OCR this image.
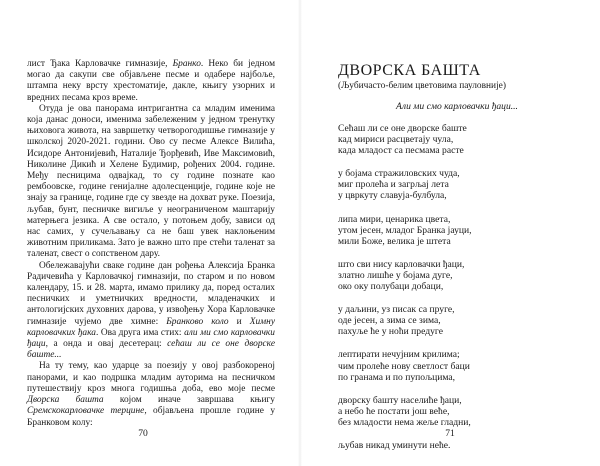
лист Ђака Карловачке гимназије, Бранко. Неко би једном могао да сакупи све објављене песме и одабере најбоље, штампа неку врсту хрестоматије, дакле, књигу узорних и вредних песама кроз време.

Отуда је ова панорама интригантна са младим именима која данас доноси, именима забележеним у једном тренутку њиховога живота, на завршетку четворогодишње гимназије у школској 2020-2021. години. Ово су песме Алексе Вилића, Исидоре Антонијевић, Наталије Ђорђевић, Иве Максимовић, Николине Дикић и Хелене Будимир, рођених 2004. године. Међу песницима одвајкад, то су године познате као рембоовске, године генијалне адолесценције, године које не знају за границе, године где су звезде на дохват руке. Поезија, љубав, бунт, песничке вигиље у неограниченом маштарију матерњега језика. А све остало, у потоњем добу, зависи од нас самих, у сучељавању са не баш увек наклоњеним животним приликама. Зато је важно што пре стећи таленат за таленат, свест о сопственом дару.

Обележавајући сваке године дан рођења Алексија Бранка Радичевића у Карловачкој гимназији, по старом и по новом календару, 15. и 28. марта, имамо прилику да, поред осталих песничких и уметничких вредности, младеначких и антологијских духовних дарова, у извођењу Хора Карловачке гимназије чујемо две химне: Бранково коло и Химну карловачких ђака. Ова друга има стих: али ми смо карловачки ђаци, а онда и овај десетерац: сећаш ли се оне дворске баште...

На ту тему, као ударце за поезију у овој разбокореној панорами, и као подршка младим ауторима на песничком путешествију кроз многа годишња доба, ево моје песме Дворска башта којом иначе завршава књигу Сремскокарловачке терцине, објављена прошле године у Бранковом колу:

70
ДВОРСКА БАШТА
(Љубичасто-белим цветовима пауловније)
Али ми смо карловачки ђаци...
Сећаш ли се оне дворске баште
кад мириси расцветају чула,
када младост са песмама расте
у бојама стражиловских чуда,
миг пролећа и загрљај лета
у цвркуту славуја-булбула,
липа мири, ценарика цвета,
утом јесен, младог Бранка јауци,
мили Боже, велика је штета
што сви нису карловачки ђаци,
златно лишће у бојама дуге,
око оку полубаци добаци,
у даљини, уз писак са пруге,
оде јесен, а зима се зима,
пахуље ће у ноћи предуге
лептирати нечујним крилима;
чим пролеће нову светлост баци
по гранама и по пупољцима,
дворску башту населиће ђаци,
а небо ће постати још веће,
без младости нема жеље гладни,
љубав никад уминути неће.
71
